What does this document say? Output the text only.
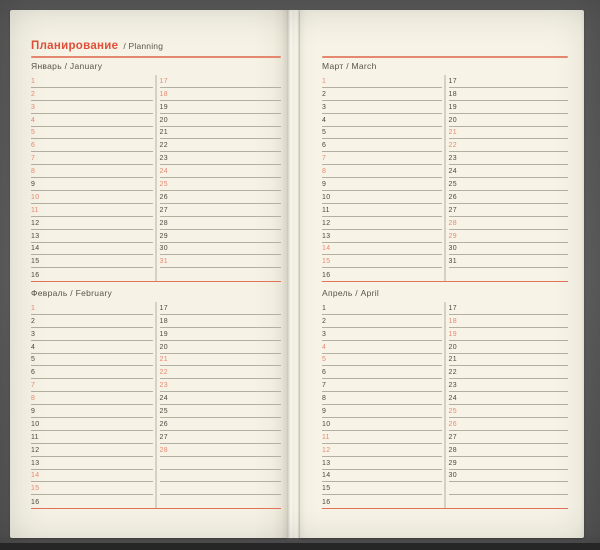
Планирование / Planning
Январь / January
1
2
3
4
5
6
7
8
9
10
11
12
13
14
15
16
17
18
19
20
21
22
23
24
25
26
27
28
29
30
31
Февраль / February
1
2
3
4
5
6
7
8
9
10
11
12
13
14
15
16
17
18
19
20
21
22
23
24
25
26
27
28
Март / March
1
2
3
4
5
6
7
8
9
10
11
12
13
14
15
16
17
18
19
20
21
22
23
24
25
26
27
28
29
30
31
Апрель / April
1
2
3
4
5
6
7
8
9
10
11
12
13
14
15
16
17
18
19
20
21
22
23
24
25
26
27
28
29
30
